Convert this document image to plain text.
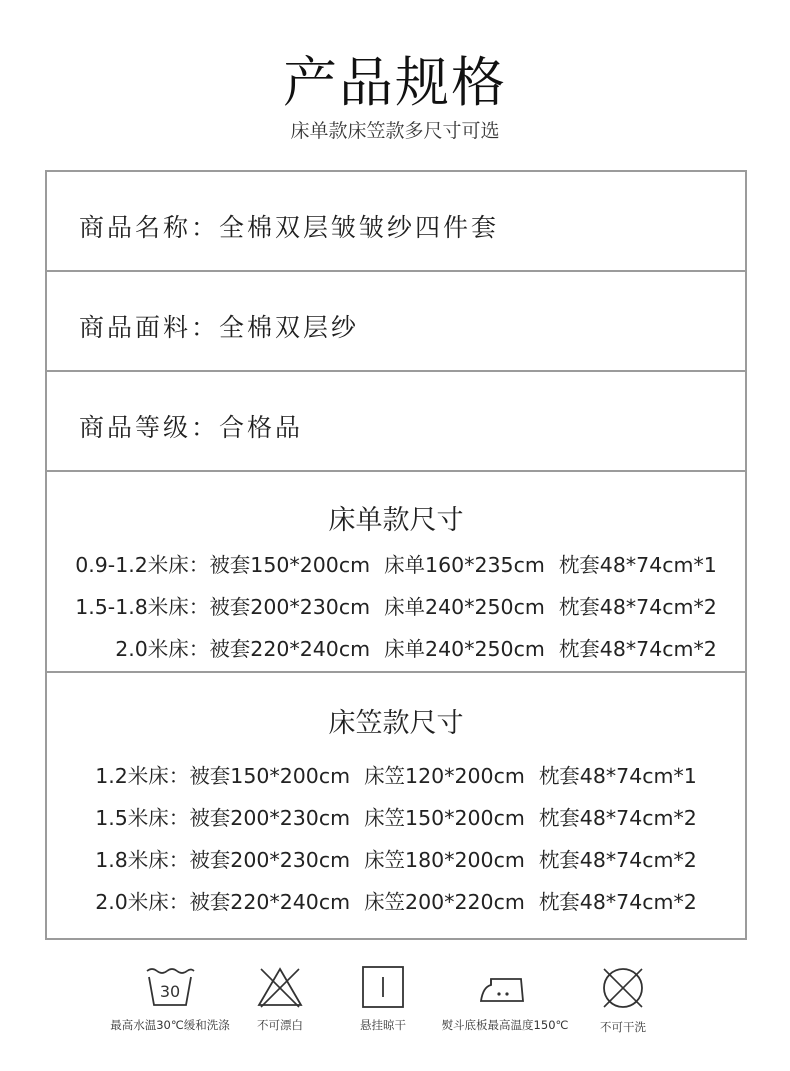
产品规格
床单款床笠款多尺寸可选
商品名称：全棉双层皱皱纱四件套
商品面料：全棉双层纱
商品等级：合格品
床单款尺寸
0.9-1.2米床：被套150*200cm 床单160*235cm 枕套48*74cm*1
1.5-1.8米床：被套200*230cm 床单240*250cm 枕套48*74cm*2
2.0米床：被套220*240cm 床单240*250cm 枕套48*74cm*2
床笠款尺寸
1.2米床：被套150*200cm 床笠120*200cm 枕套48*74cm*1
1.5米床：被套200*230cm 床笠150*200cm 枕套48*74cm*2
1.8米床：被套200*230cm 床笠180*200cm 枕套48*74cm*2
2.0米床：被套220*240cm 床笠200*220cm 枕套48*74cm*2
30
最高水温30℃缓和洗涤	不可漂白	悬挂晾干	熨斗底板最高温度150℃	不可干洗
